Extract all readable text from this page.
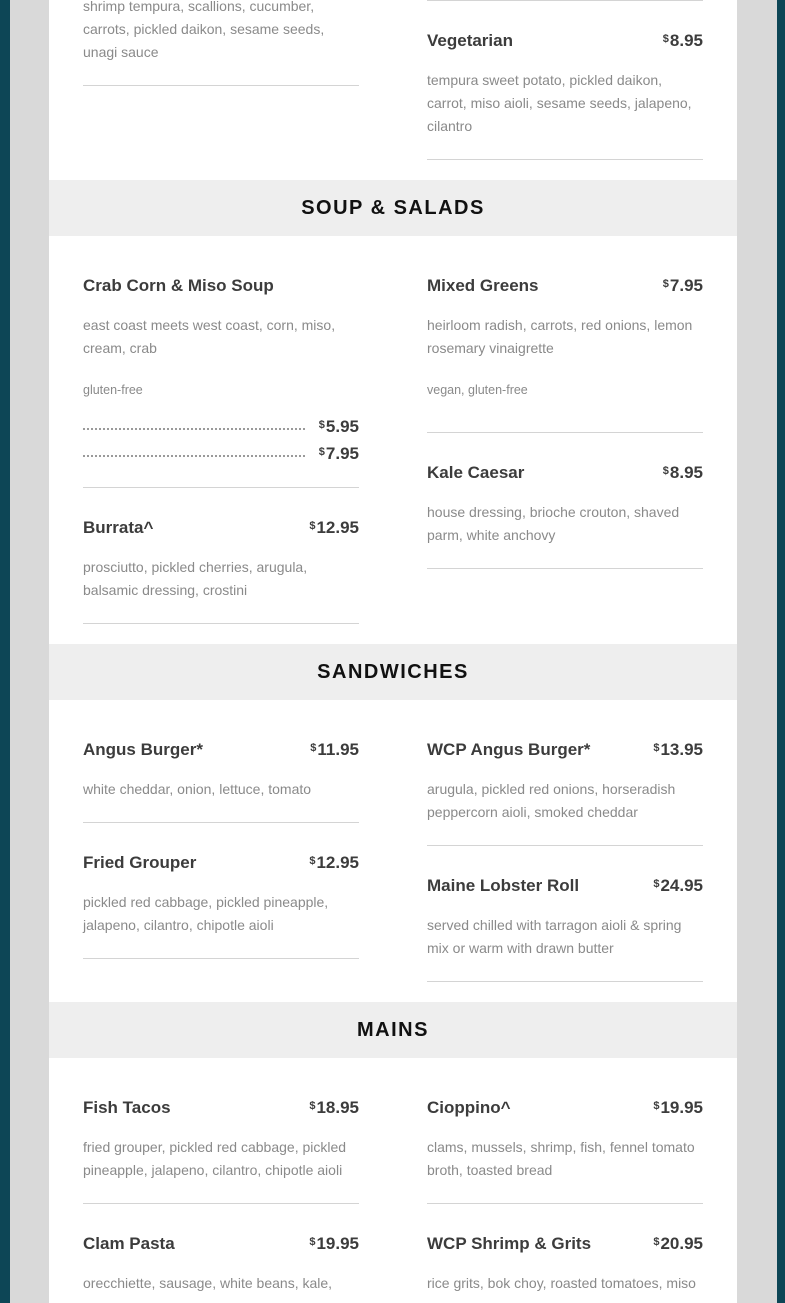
shrimp tempura, scallions, cucumber, carrots, pickled daikon, sesame seeds, unagi sauce
Vegetarian	$8.95
tempura sweet potato, pickled daikon, carrot, miso aioli, sesame seeds, jalapeno, cilantro
SOUP & SALADS
Crab Corn & Miso Soup
east coast meets west coast, corn, miso, cream, crab
gluten-free
$5.95
$7.95
Burrata^	$12.95
prosciutto, pickled cherries, arugula, balsamic dressing, crostini
Mixed Greens	$7.95
heirloom radish, carrots, red onions, lemon rosemary vinaigrette
vegan, gluten-free
Kale Caesar	$8.95
house dressing, brioche crouton, shaved parm, white anchovy
SANDWICHES
Angus Burger*	$11.95
white cheddar, onion, lettuce, tomato
Fried Grouper	$12.95
pickled red cabbage, pickled pineapple, jalapeno, cilantro, chipotle aioli
WCP Angus Burger*	$13.95
arugula, pickled red onions, horseradish peppercorn aioli, smoked cheddar
Maine Lobster Roll	$24.95
served chilled with tarragon aioli & spring mix or warm with drawn butter
MAINS
Fish Tacos	$18.95
fried grouper, pickled red cabbage, pickled pineapple, jalapeno, cilantro, chipotle aioli
Clam Pasta	$19.95
orecchiette, sausage, white beans, kale,
Cioppino^	$19.95
clams, mussels, shrimp, fish, fennel tomato broth, toasted bread
WCP Shrimp & Grits	$20.95
rice grits, bok choy, roasted tomatoes, miso
